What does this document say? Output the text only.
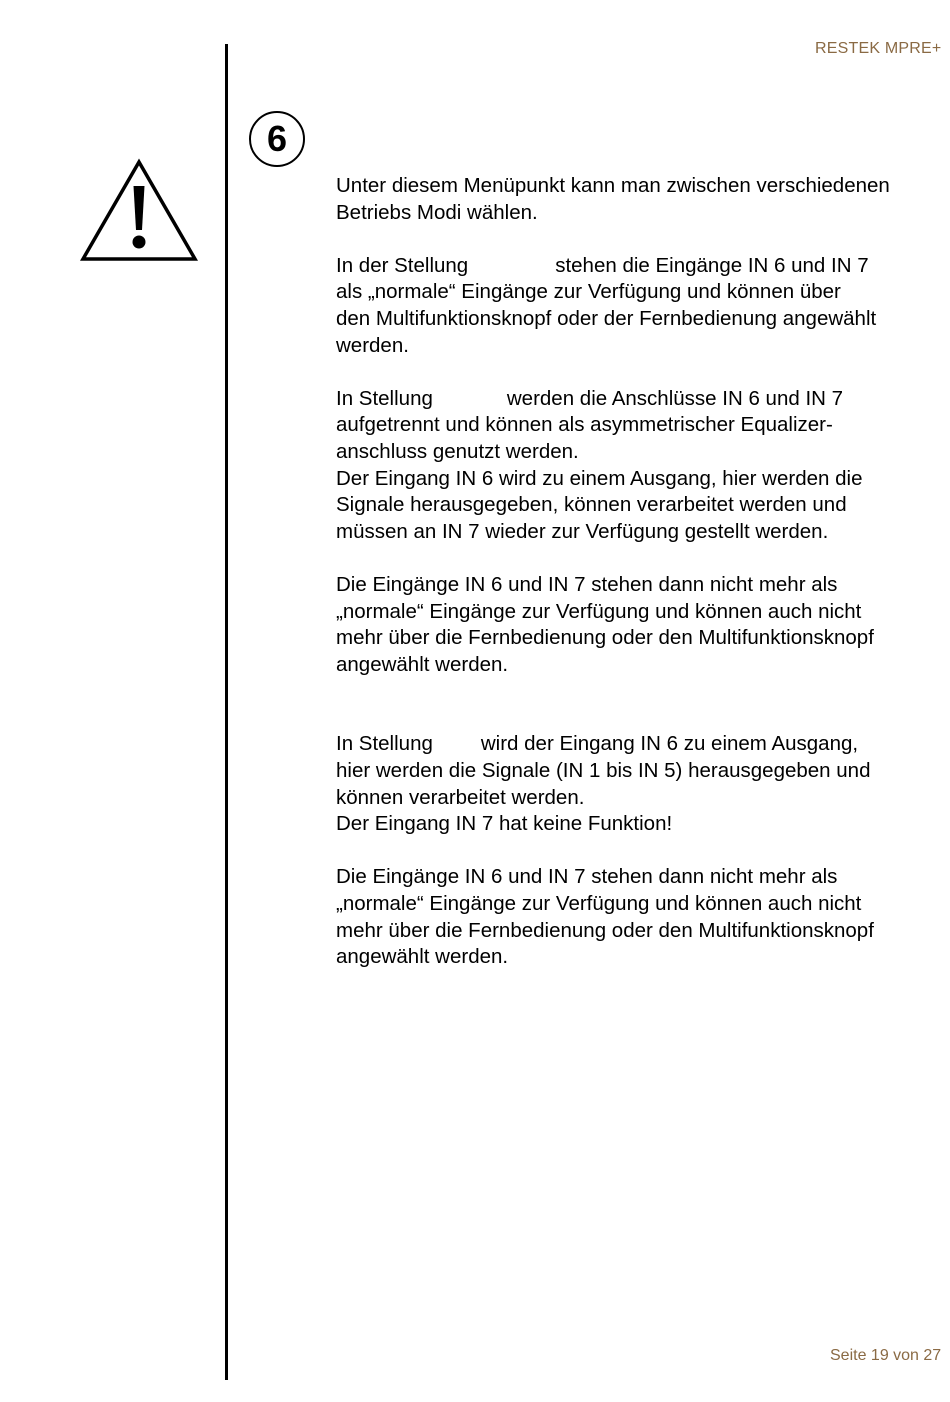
RESTEK MPRE+
6

Unter diesem Menüpunkt kann man zwischen verschiedenen

Betriebs Modi wählen.

In der Stellung	stehen die Eingänge IN 6 und IN 7

als „normale“ Eingänge zur Verfügung und können über

den Multifunktionsknopf oder der Fernbedienung angewählt

werden.

In Stellung	werden die Anschlüsse IN 6 und IN 7

aufgetrennt und können als asymmetrischer Equalizer-

anschluss genutzt werden.

Der Eingang IN 6 wird zu einem Ausgang, hier werden die

Signale herausgegeben, können verarbeitet werden und

müssen an IN 7 wieder zur Verfügung gestellt werden.

Die Eingänge IN 6 und IN 7 stehen dann nicht mehr als

„normale“ Eingänge zur Verfügung und können auch nicht

mehr über die Fernbedienung oder den Multifunktionsknopf

angewählt werden.

In Stellung wird der Eingang IN 6 zu einem Ausgang,

hier werden die Signale (IN 1 bis IN 5) herausgegeben und

können verarbeitet werden.

Der Eingang IN 7 hat keine Funktion!

Die Eingänge IN 6 und IN 7 stehen dann nicht mehr als

„normale“ Eingänge zur Verfügung und können auch nicht

mehr über die Fernbedienung oder den Multifunktionsknopf

angewählt werden.

Seite 19 von 27
